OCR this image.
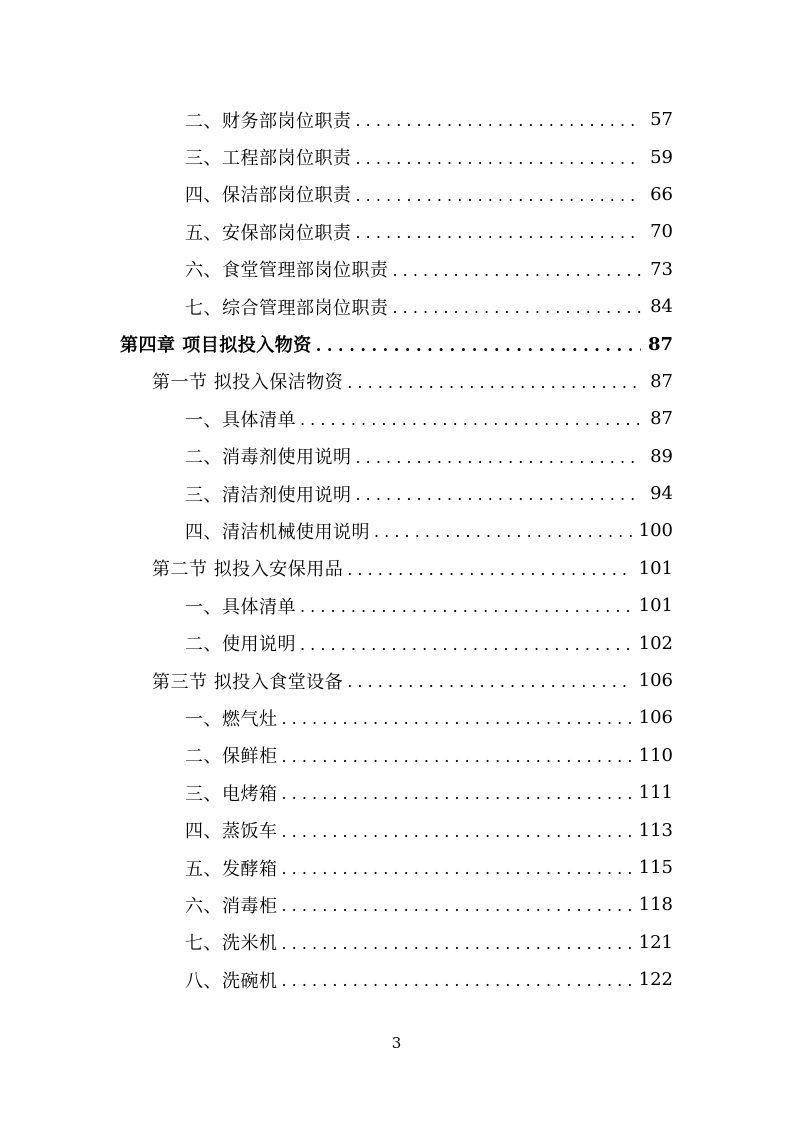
二、财务部岗位职责 . . .	57
三、工程部岗位职责 . . .	59
四、保洁部岗位职责 . . .	66
五、安保部岗位职责 . . .	70
六、食堂管理部岗位职责 . . .	73
七、综合管理部岗位职责 . . .	84
第四章 项目拟投入物资 . . .	87
第一节 拟投入保洁物资 . . .	87
一、具体清单 . . .	87
二、消毒剂使用说明 . . .	89
三、清洁剂使用说明 . . .	94
四、清洁机械使用说明 . . .	100
第二节 拟投入安保用品 . . .	101
一、具体清单 . . .	101
二、使用说明 . . .	102
第三节 拟投入食堂设备 . . .	106
一、燃气灶 . . .	106
二、保鲜柜 . . .	110
三、电烤箱 . . .	111
四、蒸饭车 . . .	113
五、发酵箱 . . .	115
六、消毒柜 . . .	118
七、洗米机 . . .	121
八、洗碗机 . . .	122
3
